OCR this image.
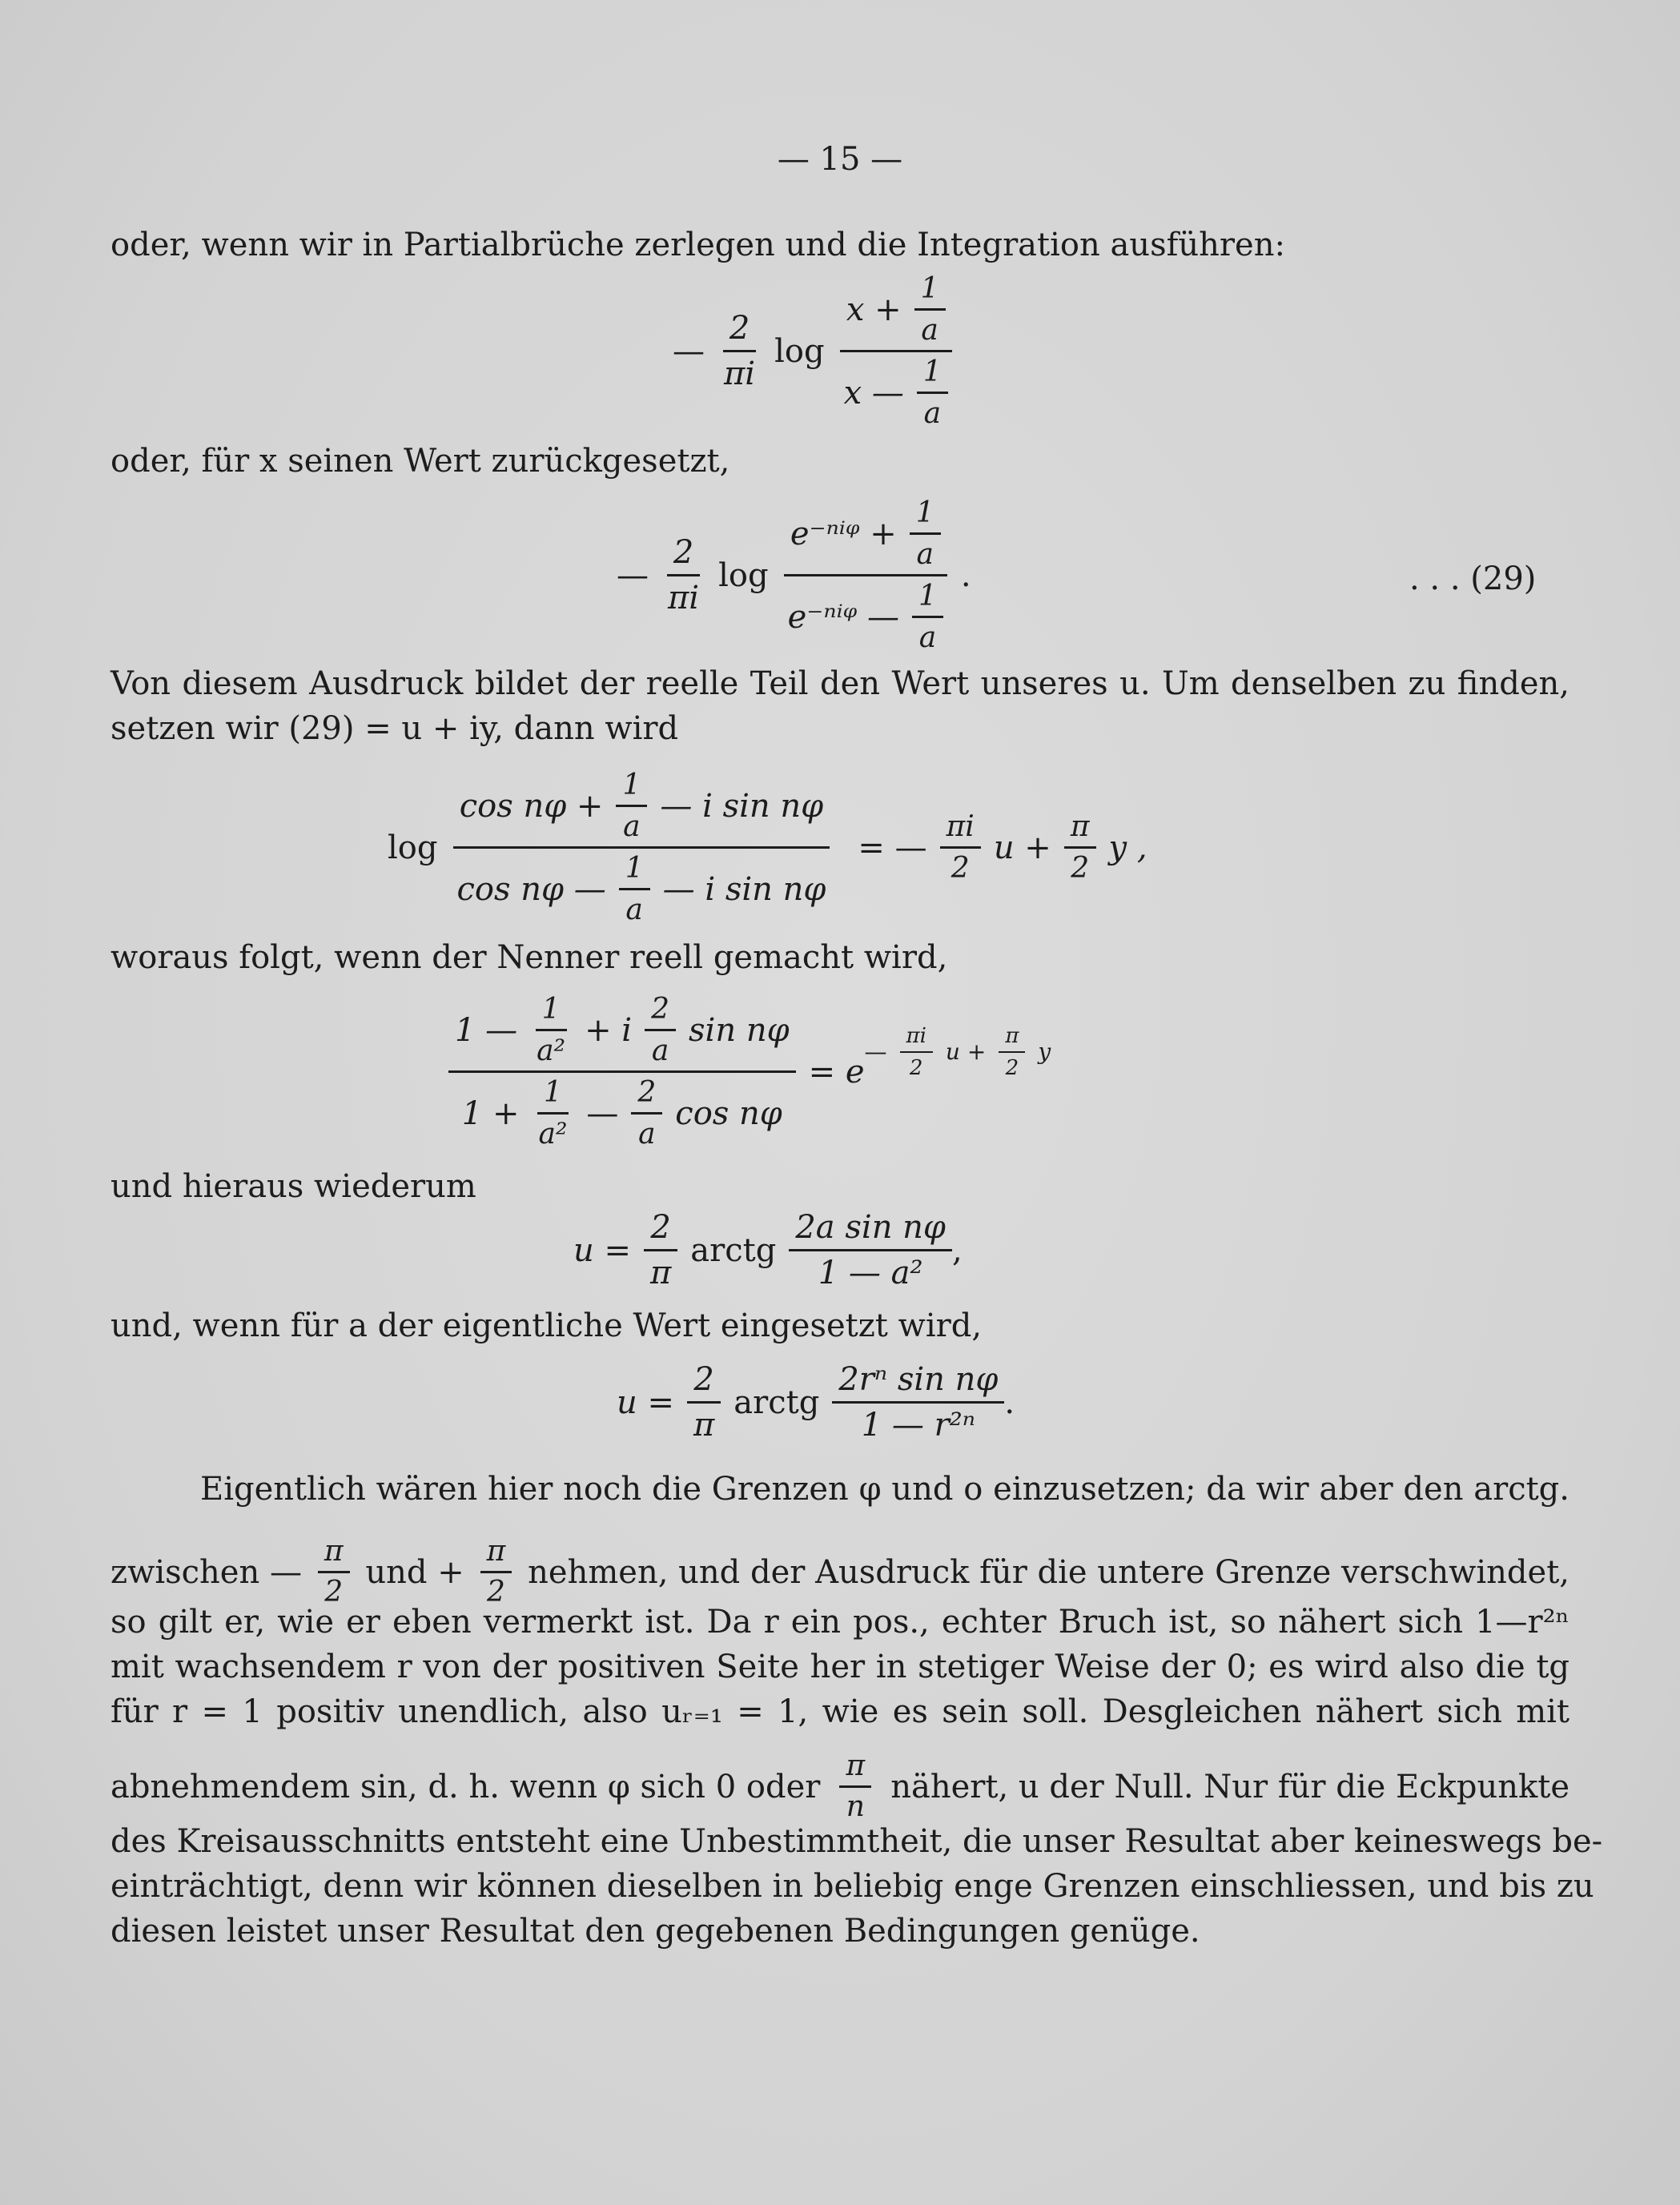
— 15 —
oder, wenn wir in Partialbrüche zerlegen und die Integration ausführen:
— $\frac{2}{\pi i}$ $\log \frac{x + \frac{1}{a}}{x — \frac{1}{a}}$
oder, für x seinen Wert zurückgesetzt,
— $\frac{2}{\pi i}$ $\log \frac{e^{-ni}ᵠ + \frac{1}{a}}{e^{-ni}ᵠ — \frac{1}{a}}$ .	. . . (29)
Von diesem Ausdruck bildet der reelle Teil den Wert unseres u. Um denselben zu finden,
setzen wir (29) = u + iy, dann wird
$\log \frac{\cos n\varphi + \frac{1}{a} — i \sin n\varphi}{\cos n\varphi — \frac{1}{a} — i \sin n\varphi}$ = — $\frac{\pi i}{2}$ $u + \frac{\pi}{2}$ y ,
woraus folgt, wenn der Nenner reell gemacht wird,
$\frac{1 — \frac{1}{\text{a²}} + i \frac{2}{a} \sin n\varphi}{1 + \frac{1}{\text{a²}} — \frac{2}{a} \cos n\varphi} = e$
— $\frac{\pi i}{2}$ $u + \frac{\pi}{2}$ y
und hieraus wiederum
$u = \frac{2}{\pi}$ arctg $\frac{\text{2a sin nφ}}{\text{1 — a²}}$ ,
und, wenn für a der eigentliche Wert eingesetzt wird,
$u = \frac{2}{\pi}$ arctg $\frac{\text{2rⁿ sin nφ}}{\text{1 — r²ⁿ}}$ .
Eigentlich wären hier noch die Grenzen φ und o einzusetzen; da wir aber den arctg.
zwischen — $\frac{\pi}{2}$ und + $\frac{\pi}{2}$ nehmen, und der Ausdruck für die untere Grenze verschwindet,
so gilt er, wie er eben vermerkt ist. Da r ein pos., echter Bruch ist, so nähert sich 1—r²ⁿ
mit wachsendem r von der positiven Seite her in stetiger Weise der 0; es wird also die tg
für r = 1 positiv unendlich, also uᵣ₌₁ = 1, wie es sein soll. Desgleichen nähert sich mit
abnehmendem sin, d. h. wenn φ sich 0 oder $\frac{\pi}{n}$ nähert, u der Null. Nur für die Eckpunkte
des Kreisausschnitts entsteht eine Unbestimmtheit, die unser Resultat aber keineswegs be-
einträchtigt, denn wir können dieselben in beliebig enge Grenzen einschliessen, und bis zu
diesen leistet unser Resultat den gegebenen Bedingungen genüge.
